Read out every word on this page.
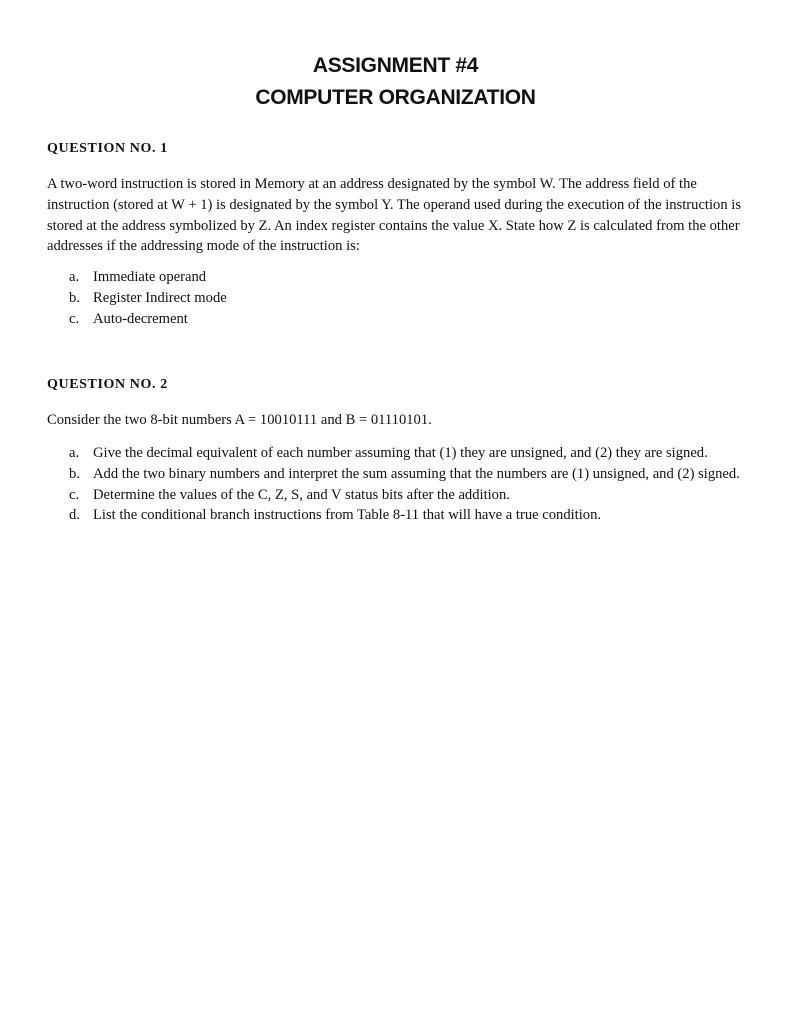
ASSIGNMENT #4
COMPUTER ORGANIZATION
QUESTION NO. 1
A two-word instruction is stored in Memory at an address designated by the symbol W. The address field of the instruction (stored at W + 1) is designated by the symbol Y. The operand used during the execution of the instruction is stored at the address symbolized by Z. An index register contains the value X. State how Z is calculated from the other addresses if the addressing mode of the instruction is:
a. Immediate operand
b. Register Indirect mode
c. Auto-decrement
QUESTION NO. 2
Consider the two 8-bit numbers A = 10010111 and B = 01110101.
a. Give the decimal equivalent of each number assuming that (1) they are unsigned, and (2) they are signed.
b. Add the two binary numbers and interpret the sum assuming that the numbers are (1) unsigned, and (2) signed.
c. Determine the values of the C, Z, S, and V status bits after the addition.
d. List the conditional branch instructions from Table 8-11 that will have a true condition.
